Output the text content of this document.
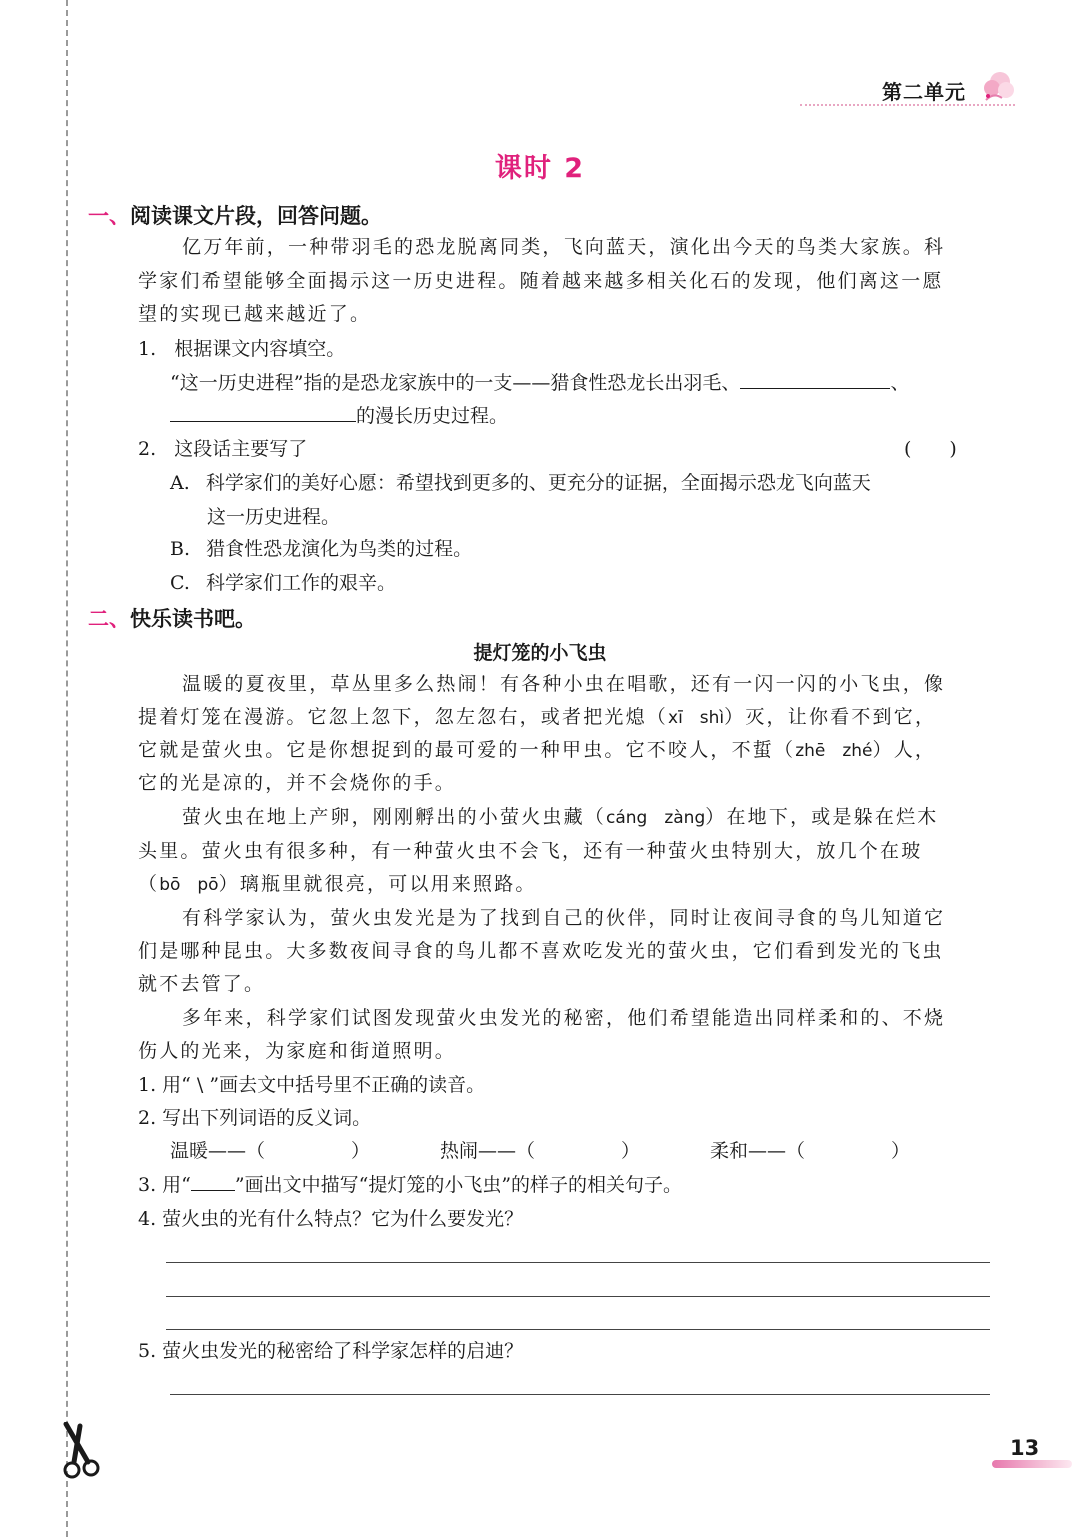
第二单元
课时 2
一、阅读课文片段，回答问题。
亿万年前，一种带羽毛的恐龙脱离同类，飞向蓝天，演化出今天的鸟类大家族。科
学家们希望能够全面揭示这一历史进程。随着越来越多相关化石的发现，他们离这一愿
望的实现已越来越近了。
1. 根据课文内容填空。
“这一历史进程”指的是恐龙家族中的一支——猎食性恐龙长出羽毛、	、
的漫长历史过程。
2. 这段话主要写了	(　　)
A. 科学家们的美好心愿：希望找到更多的、更充分的证据，全面揭示恐龙飞向蓝天
这一历史进程。
B. 猎食性恐龙演化为鸟类的过程。
C. 科学家们工作的艰辛。
二、快乐读书吧。
提灯笼的小飞虫
温暖的夏夜里，草丛里多么热闹！有各种小虫在唱歌，还有一闪一闪的小飞虫，像
提着灯笼在漫游。它忽上忽下，忽左忽右，或者把光熄（xī　shì）灭，让你看不到它，
它就是萤火虫。它是你想捉到的最可爱的一种甲虫。它不咬人，不蜇（zhē　zhé）人，
它的光是凉的，并不会烧你的手。
萤火虫在地上产卵，刚刚孵出的小萤火虫藏（cáng　zàng）在地下，或是躲在烂木
头里。萤火虫有很多种，有一种萤火虫不会飞，还有一种萤火虫特别大，放几个在玻
（bō　pō）璃瓶里就很亮，可以用来照路。
有科学家认为，萤火虫发光是为了找到自己的伙伴，同时让夜间寻食的鸟儿知道它
们是哪种昆虫。大多数夜间寻食的鸟儿都不喜欢吃发光的萤火虫，它们看到发光的飞虫
就不去管了。
多年来，科学家们试图发现萤火虫发光的秘密，他们希望能造出同样柔和的、不烧
伤人的光来，为家庭和街道照明。
1. 用“ \ ”画去文中括号里不正确的读音。
2. 写出下列词语的反义词。
温暖——（	）	热闹——（	）	柔和——（	）
3. 用“ ”画出文中描写“提灯笼的小飞虫”的样子的相关句子。
4. 萤火虫的光有什么特点？它为什么要发光？
5. 萤火虫发光的秘密给了科学家怎样的启迪？
13
